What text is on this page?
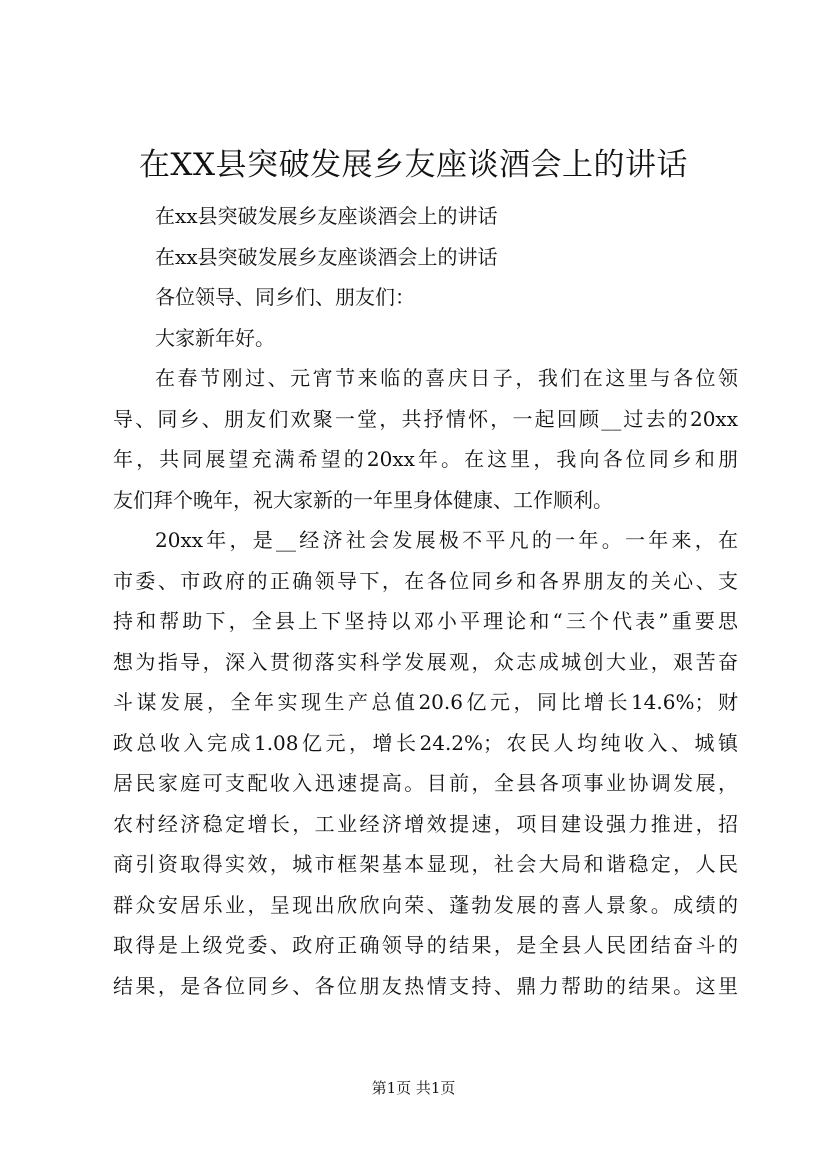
在XX县突破发展乡友座谈酒会上的讲话
在xx县突破发展乡友座谈酒会上的讲话
在xx县突破发展乡友座谈酒会上的讲话
各位领导、同乡们、朋友们：
大家新年好。
在春节刚过、元宵节来临的喜庆日子，我们在这里与各位领
导、同乡、朋友们欢聚一堂，共抒情怀，一起回顾__过去的20xx
年，共同展望充满希望的20xx年。在这里，我向各位同乡和朋
友们拜个晚年，祝大家新的一年里身体健康、工作顺利。
20xx年，是__经济社会发展极不平凡的一年。一年来，在
市委、市政府的正确领导下，在各位同乡和各界朋友的关心、支
持和帮助下，全县上下坚持以邓小平理论和“三个代表”重要思
想为指导，深入贯彻落实科学发展观，众志成城创大业，艰苦奋
斗谋发展，全年实现生产总值20.6亿元，同比增长14.6%；财
政总收入完成1.08亿元，增长24.2%；农民人均纯收入、城镇
居民家庭可支配收入迅速提高。目前，全县各项事业协调发展，
农村经济稳定增长，工业经济增效提速，项目建设强力推进，招
商引资取得实效，城市框架基本显现，社会大局和谐稳定，人民
群众安居乐业，呈现出欣欣向荣、蓬勃发展的喜人景象。成绩的
取得是上级党委、政府正确领导的结果，是全县人民团结奋斗的
结果，是各位同乡、各位朋友热情支持、鼎力帮助的结果。这里
第1页 共1页
